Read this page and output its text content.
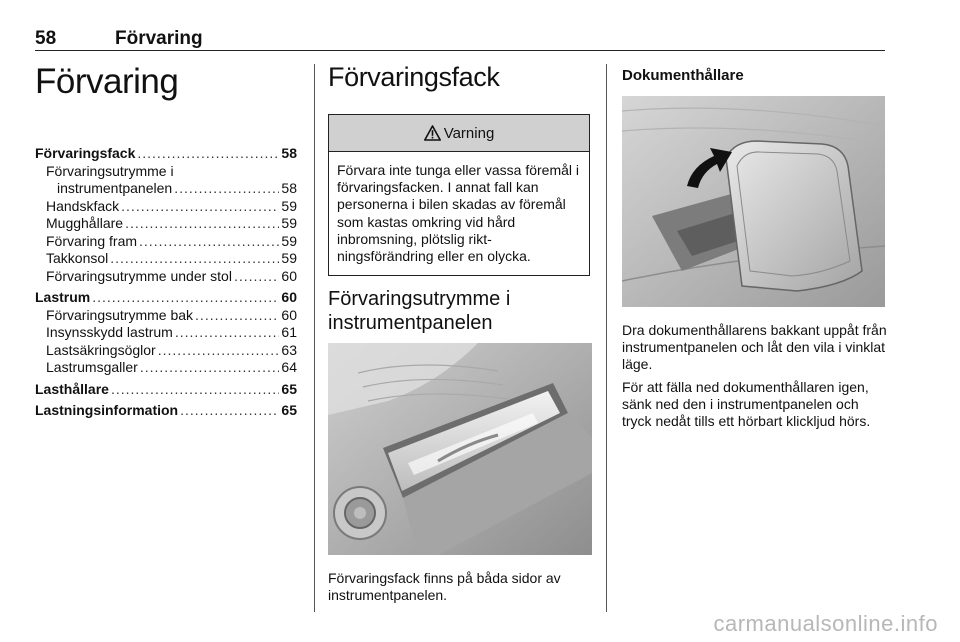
58	Förvaring
Förvaring
Förvaringsfack .....	58
Förvaringsutrymme i
instrumentpanelen .....	58
Handskfack .....	59
Mugghållare .....	59
Förvaring fram .....	59
Takkonsol .....	59
Förvaringsutrymme under stol .....	60
Lastrum .....	60
Förvaringsutrymme bak .....	60
Insynsskydd lastrum .....	61
Lastsäkringsöglor .....	63
Lastrumsgaller .....	64
Lasthållare .....	65
Lastningsinformation .....	65
Förvaringsfack
Varning
Förvara inte tunga eller vassa föremål i förvaringsfacken. I annat fall kan personerna i bilen skadas av föremål som kastas omkring vid hård inbromsning, plötslig riktningsförändring eller en olycka.
Förvaringsutrymme i instrumentpanelen

Förvaringsfack finns på båda sidor av instrumentpanelen.

Dokumenthållare

Dra dokumenthållarens bakkant uppåt från instrumentpanelen och låt den vila i vinklat läge.

För att fälla ned dokumenthållaren igen, sänk ned den i instrumentpanelen och tryck nedåt tills ett hörbart klickljud hörs.

carmanualsonline.info
